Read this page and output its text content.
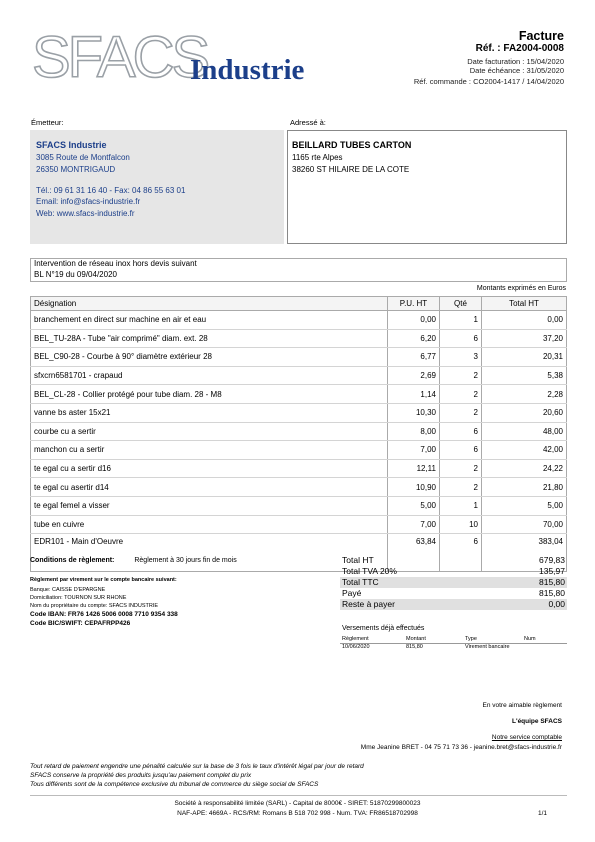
SFACS
Industrie
Facture
Réf. : FA2004-0008
Date facturation : 15/04/2020
Date échéance : 31/05/2020
Réf. commande : CO2004-1417 / 14/04/2020
Émetteur:
SFACS Industrie
3085 Route de Montfalcon
26350 MONTRIGAUD
Tél.: 09 61 31 16 40 - Fax: 04 86 55 63 01
Email: info@sfacs-industrie.fr
Web: www.sfacs-industrie.fr
Adressé à:
BEILLARD TUBES CARTON
1165 rte Alpes
38260 ST HILAIRE DE LA COTE
Intervention de réseau inox hors devis suivant
BL N°19 du 09/04/2020
Montants exprimés en Euros
Désignation	P.U. HT	Qté	Total HT
branchement en direct sur machine en air et eau	0,00	1	0,00
BEL_TU-28A - Tube "air comprimé" diam. ext. 28	6,20	6	37,20
BEL_C90-28 - Courbe à 90° diamètre extérieur 28	6,77	3	20,31
sfxcrn6581701 - crapaud	2,69	2	5,38
BEL_CL-28 - Collier protégé pour tube diam. 28 - M8	1,14	2	2,28
vanne bs aster 15x21	10,30	2	20,60
courbe cu a sertir	8,00	6	48,00
manchon cu a sertir	7,00	6	42,00
te egal cu a sertir d16	12,11	2	24,22
te egal cu asertir d14	10,90	2	21,80
te egal femel a visser	5,00	1	5,00
tube en cuivre	7,00	10	70,00
EDR101 - Main d'Oeuvre	63,84	6	383,04
Conditions de règlement:	Règlement à 30 jours fin de mois
Règlement par virement sur le compte bancaire suivant:
Banque: CAISSE D'EPARGNE
Domiciliation: TOURNON SUR RHONE
Nom du propriétaire du compte: SFACS INDUSTRIE
Code IBAN: FR76 1426 5006 0008 7710 9354 338
Code BIC/SWIFT: CEPAFRPP426
Total HT	679,83
Total TVA 20%	135,97
Total TTC	815,80
Payé	815,80
Reste à payer	0,00
Versements déjà effectués
Règlement	Montant	Type	Num
10/06/2020	815,80	Virement bancaire	
En votre aimable règlement
L'équipe SFACS
Notre service comptable
Mme Jeanine BRET - 04 75 71 73 36 - jeanine.bret@sfacs-industrie.fr
Tout retard de paiement engendre une pénalité calculée sur la base de 3 fois le taux d'intérêt légal par jour de retard
SFACS conserve la propriété des produits jusqu'au paiement complet du prix
Tous différents sont de la compétence exclusive du tribunal de commerce du siège social de SFACS
Société à responsabilité limitée (SARL) - Capital de 8000€ - SIRET: 51870299800023
NAF-APE: 4669A - RCS/RM: Romans B 518 702 998 - Num. TVA: FR86518702998	1/1
